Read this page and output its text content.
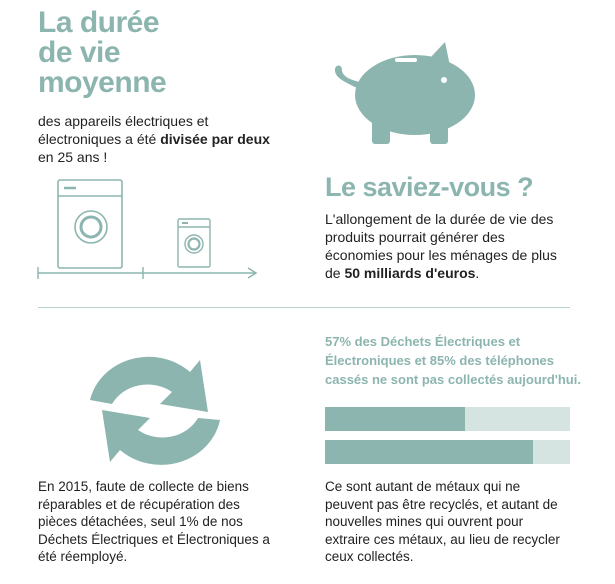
La durée
de vie
moyenne
des appareils électriques et électroniques a été divisée par deux en 25 ans !
Le saviez-vous ?
L'allongement de la durée de vie des produits pourrait générer des économies pour les ménages de plus de 50 milliards d'euros.
57% des Déchets Électriques et Électroniques et 85% des téléphones cassés ne sont pas collectés aujourd'hui.
En 2015, faute de collecte de biens réparables et de récupération des pièces détachées, seul 1% de nos Déchets Électriques et Électroniques a été réemployé.
Ce sont autant de métaux qui ne peuvent pas être recyclés, et autant de nouvelles mines qui ouvrent pour extraire ces métaux, au lieu de recycler ceux collectés.
